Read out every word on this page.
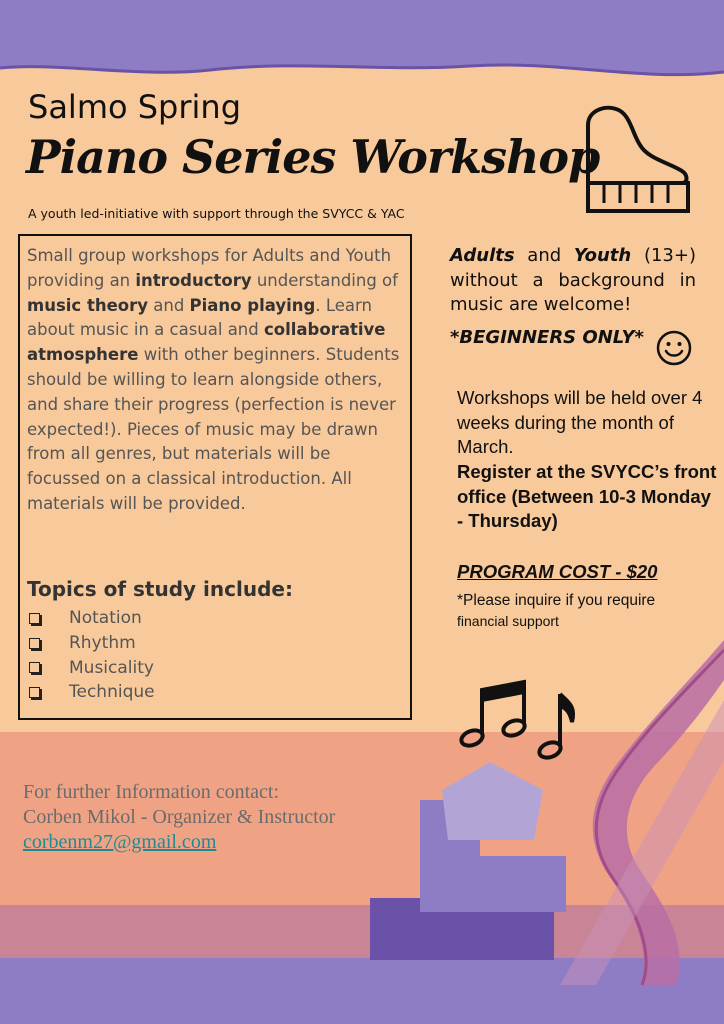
Salmo Spring
Piano Series Workshop
A youth led-initiative with support through the SVYCC & YAC
Small group workshops for Adults and Youth providing an introductory understanding of music theory and Piano playing. Learn about music in a casual and collaborative atmosphere with other beginners. Students should be willing to learn alongside others, and share their progress (perfection is never expected!). Pieces of music may be drawn from all genres, but materials will be focussed on a classical introduction. All materials will be provided.
Topics of study include:
Notation
Rhythm
Musicality
Technique
Adults and Youth (13+) without a background in music are welcome!
*BEGINNERS ONLY*
Workshops will be held over 4 weeks during the month of March.
Register at the SVYCC’s front office (Between 10-3 Monday - Thursday)
PROGRAM COST - $20
*Please inquire if you require
financial support
For further Information contact:
Corben Mikol - Organizer & Instructor
corbenm27@gmail.com
